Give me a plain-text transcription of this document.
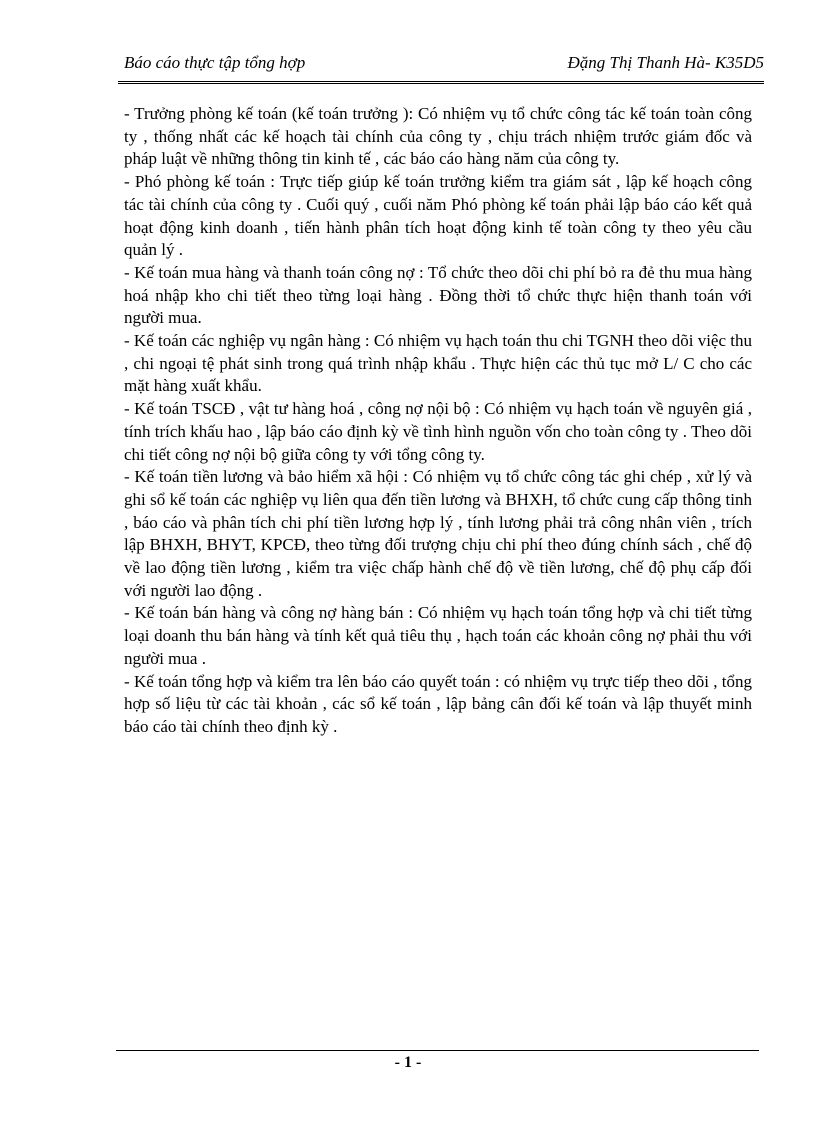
Báo cáo thực tập tổng hợp	Đặng Thị Thanh Hà- K35D5

- Trưởng phòng kế toán (kế toán trưởng ): Có nhiệm vụ tổ chức công tác kế toán toàn công ty , thống nhất các kế hoạch tài chính của công ty , chịu trách nhiệm trước giám đốc và pháp luật về những thông tin kinh tế , các báo cáo hàng năm của công ty.

- Phó phòng kế toán : Trực tiếp giúp kế toán trưởng kiểm tra giám sát , lập kế hoạch công tác tài chính của công ty . Cuối quý , cuối năm Phó phòng kế toán phải lập báo cáo kết quả hoạt động kinh doanh , tiến hành phân tích hoạt động kinh tế toàn công ty theo yêu cầu quản lý .

- Kế toán mua hàng và thanh toán công nợ : Tổ chức theo dõi chi phí bỏ ra đẻ thu mua hàng hoá nhập kho chi tiết theo từng loại hàng . Đồng thời tổ chức thực hiện thanh toán với người mua.

- Kế toán các nghiệp vụ ngân hàng : Có nhiệm vụ hạch toán thu chi TGNH theo dõi việc thu , chi ngoại tệ phát sinh trong quá trình nhập khẩu . Thực hiện các thủ tục mở L/ C cho các mặt hàng xuất khẩu.

- Kế toán TSCĐ , vật tư hàng hoá , công nợ nội bộ : Có nhiệm vụ hạch toán về nguyên giá , tính trích khấu hao , lập báo cáo định kỳ về tình hình nguồn vốn cho toàn công ty . Theo dõi chi tiết công nợ nội bộ giữa công ty với tổng công ty.

- Kế toán tiền lương và bảo hiểm xã hội : Có nhiệm vụ tổ chức công tác ghi chép , xử lý và ghi sổ kế toán các nghiệp vụ liên qua đến tiền lương và BHXH, tổ chức cung cấp thông tinh , báo cáo và phân tích chi phí tiền lương hợp lý , tính lương phải trả công nhân viên , trích lập BHXH, BHYT, KPCĐ, theo từng đối trượng chịu chi phí theo đúng chính sách , chế độ về lao động tiền lương , kiểm tra việc chấp hành chế độ về tiền lương, chế độ phụ cấp đối với người lao động .

- Kế toán bán hàng và công nợ hàng bán : Có nhiệm vụ hạch toán tổng hợp và chi tiết từng loại doanh thu bán hàng và tính kết quả tiêu thụ , hạch toán các khoản công nợ phải thu với người mua .

- Kế toán tổng hợp và kiểm tra lên báo cáo quyết toán : có nhiệm vụ trực tiếp theo dõi , tổng hợp số liệu từ các tài khoản , các sổ kế toán , lập bảng cân đối kế toán và lập thuyết minh báo cáo tài chính theo định kỳ .

- 1 -
